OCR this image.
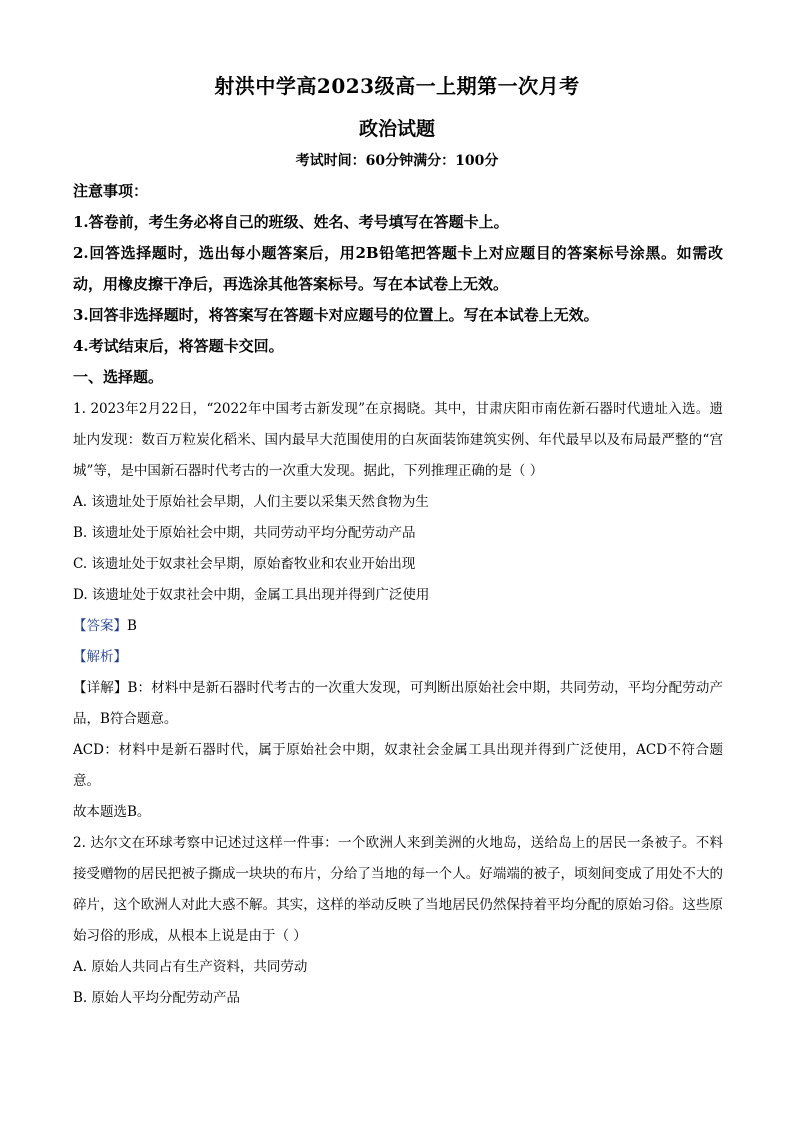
射洪中学高2023级高一上期第一次月考
政治试题
考试时间：60分钟满分：100分

注意事项：

1.答卷前，考生务必将自己的班级、姓名、考号填写在答题卡上。

2.回答选择题时，选出每小题答案后，用2B铅笔把答题卡上对应题目的答案标号涂黑。如需改动，用橡皮擦干净后，再选涂其他答案标号。写在本试卷上无效。

3.回答非选择题时，将答案写在答题卡对应题号的位置上。写在本试卷上无效。

4.考试结束后，将答题卡交回。

一、选择题。

1. 2023年2月22日，“2022年中国考古新发现”在京揭晓。其中，甘肃庆阳市南佐新石器时代遗址入选。遗址内发现：数百万粒炭化稻米、国内最早大范围使用的白灰面装饰建筑实例、年代最早以及布局最严整的“宫城”等，是中国新石器时代考古的一次重大发现。据此，下列推理正确的是（ ）

A. 该遗址处于原始社会早期，人们主要以采集天然食物为生

B. 该遗址处于原始社会中期，共同劳动平均分配劳动产品

C. 该遗址处于奴隶社会早期，原始畜牧业和农业开始出现

D. 该遗址处于奴隶社会中期，金属工具出现并得到广泛使用

【答案】B

【解析】

【详解】B：材料中是新石器时代考古的一次重大发现，可判断出原始社会中期，共同劳动，平均分配劳动产品，B符合题意。

ACD：材料中是新石器时代，属于原始社会中期，奴隶社会金属工具出现并得到广泛使用，ACD不符合题意。

故本题选B。

2. 达尔文在环球考察中记述过这样一件事：一个欧洲人来到美洲的火地岛，送给岛上的居民一条被子。不料接受赠物的居民把被子撕成一块块的布片，分给了当地的每一个人。好端端的被子，顷刻间变成了用处不大的碎片，这个欧洲人对此大惑不解。其实，这样的举动反映了当地居民仍然保持着平均分配的原始习俗。这些原始习俗的形成，从根本上说是由于（ ）

A. 原始人共同占有生产资料，共同劳动

B. 原始人平均分配劳动产品
